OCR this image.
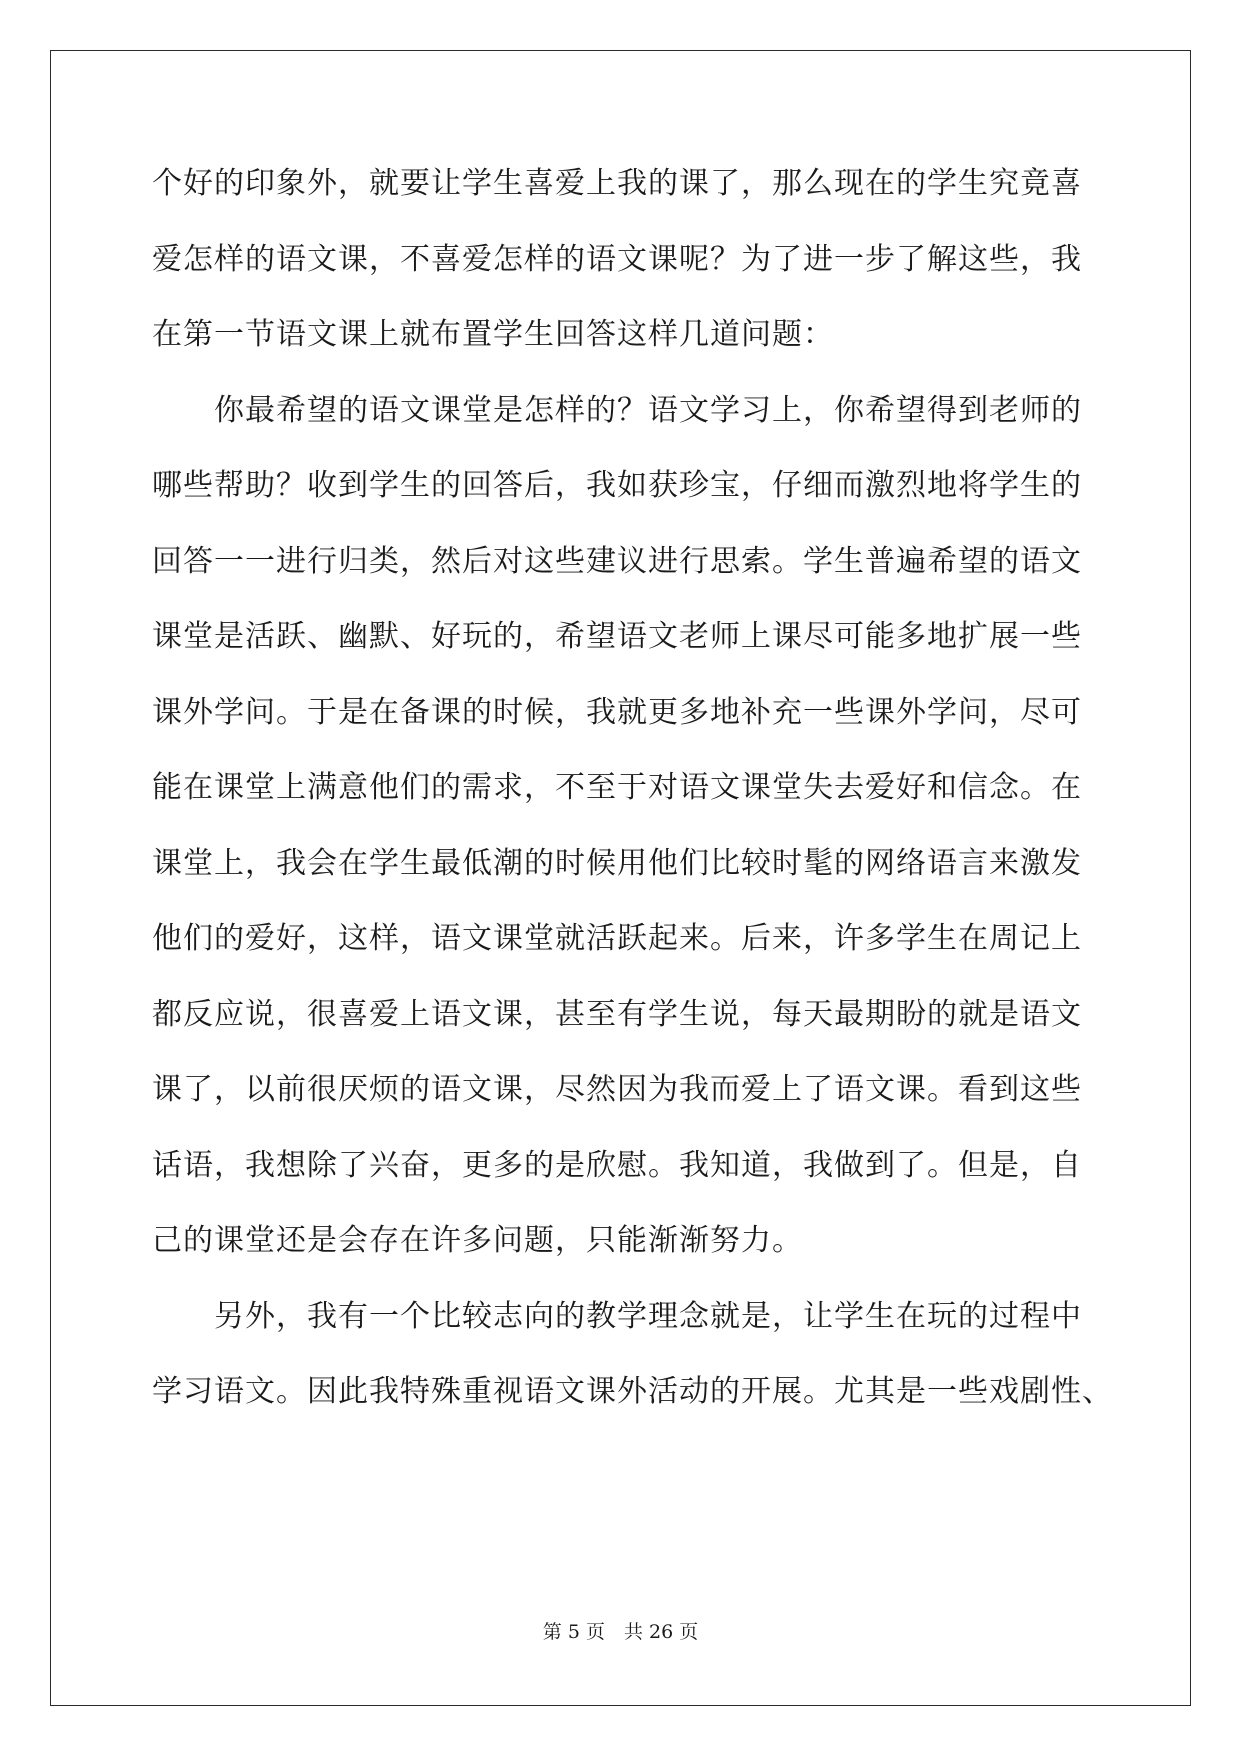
个好的印象外，就要让学生喜爱上我的课了，那么现在的学生究竟喜
爱怎样的语文课，不喜爱怎样的语文课呢？为了进一步了解这些，我
在第一节语文课上就布置学生回答这样几道问题：
你最希望的语文课堂是怎样的？语文学习上，你希望得到老师的
哪些帮助？收到学生的回答后，我如获珍宝，仔细而激烈地将学生的
回答一一进行归类，然后对这些建议进行思索。学生普遍希望的语文
课堂是活跃、幽默、好玩的，希望语文老师上课尽可能多地扩展一些
课外学问。于是在备课的时候，我就更多地补充一些课外学问，尽可
能在课堂上满意他们的需求，不至于对语文课堂失去爱好和信念。在
课堂上，我会在学生最低潮的时候用他们比较时髦的网络语言来激发
他们的爱好，这样，语文课堂就活跃起来。后来，许多学生在周记上
都反应说，很喜爱上语文课，甚至有学生说，每天最期盼的就是语文
课了，以前很厌烦的语文课，尽然因为我而爱上了语文课。看到这些
话语，我想除了兴奋，更多的是欣慰。我知道，我做到了。但是，自
己的课堂还是会存在许多问题，只能渐渐努力。
另外，我有一个比较志向的教学理念就是，让学生在玩的过程中
学习语文。因此我特殊重视语文课外活动的开展。尤其是一些戏剧性、
第 5 页　共 26 页
